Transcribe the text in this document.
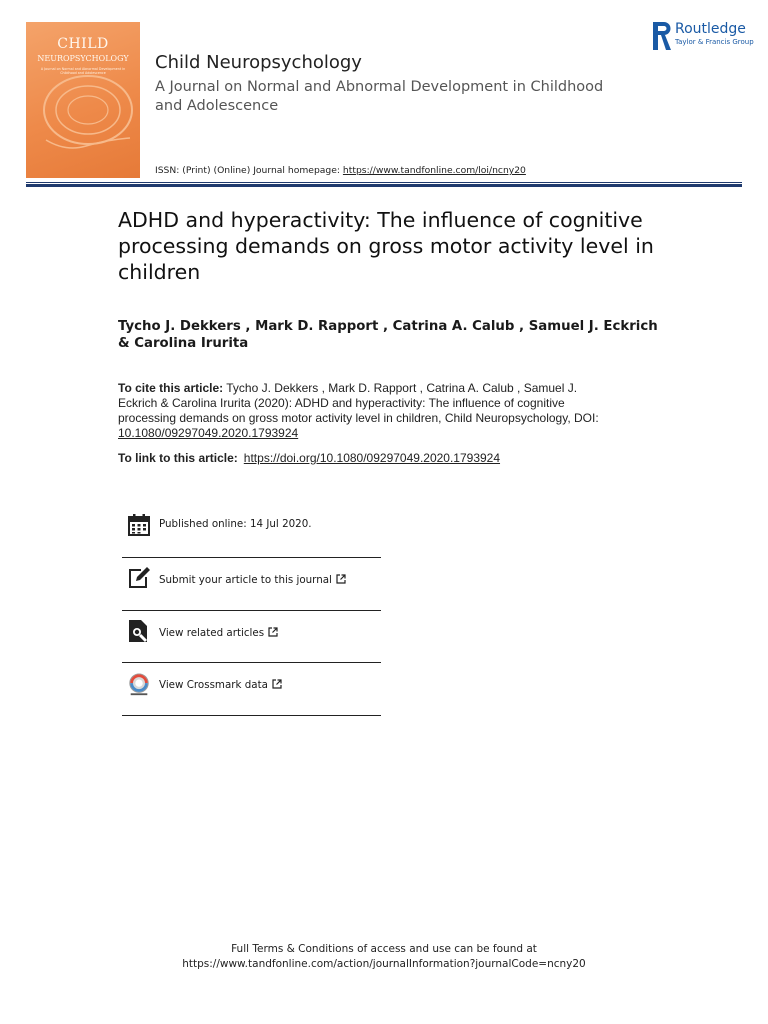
CHILD
NEUROPSYCHOLOGY
A Journal on Normal and Abnormal Development in Childhood and Adolescence	Child Neuropsychology
A Journal on Normal and Abnormal Development in Childhood and Adolescence
ISSN: (Print) (Online) Journal homepage: https://www.tandfonline.com/loi/ncny20
Routledge
Taylor & Francis Group
ADHD and hyperactivity: The influence of cognitive processing demands on gross motor activity level in children
Tycho J. Dekkers , Mark D. Rapport , Catrina A. Calub , Samuel J. Eckrich & Carolina Irurita
To cite this article: Tycho J. Dekkers , Mark D. Rapport , Catrina A. Calub , Samuel J. Eckrich & Carolina Irurita (2020): ADHD and hyperactivity: The influence of cognitive processing demands on gross motor activity level in children, Child Neuropsychology, DOI: 10.1080/09297049.2020.1793924
To link to this article: https://doi.org/10.1080/09297049.2020.1793924
Published online: 14 Jul 2020.
Submit your article to this journal
View related articles
View Crossmark data
Full Terms & Conditions of access and use can be found at
https://www.tandfonline.com/action/journalInformation?journalCode=ncny20
